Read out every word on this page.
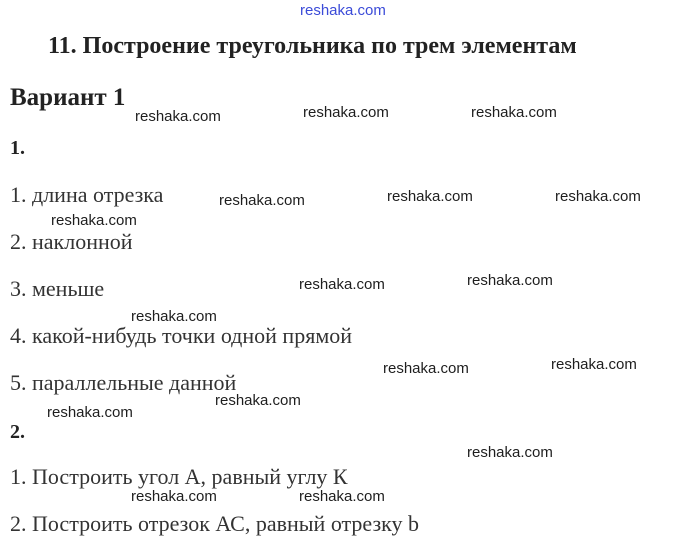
reshaka.com
11. Построение треугольника по трем элементам
Вариант 1
1.
1. длина отрезка
2. наклонной
3. меньше
4. какой-нибудь точки одной прямой
5. параллельные данной
2.
1. Построить угол А, равный углу К
2. Построить отрезок АС, равный отрезку b
reshaka.com	reshaka.com	reshaka.com
reshaka.com	reshaka.com	reshaka.com
reshaka.com
reshaka.com	reshaka.com
reshaka.com
reshaka.com	reshaka.com
reshaka.com
reshaka.com
reshaka.com
reshaka.com	reshaka.com
